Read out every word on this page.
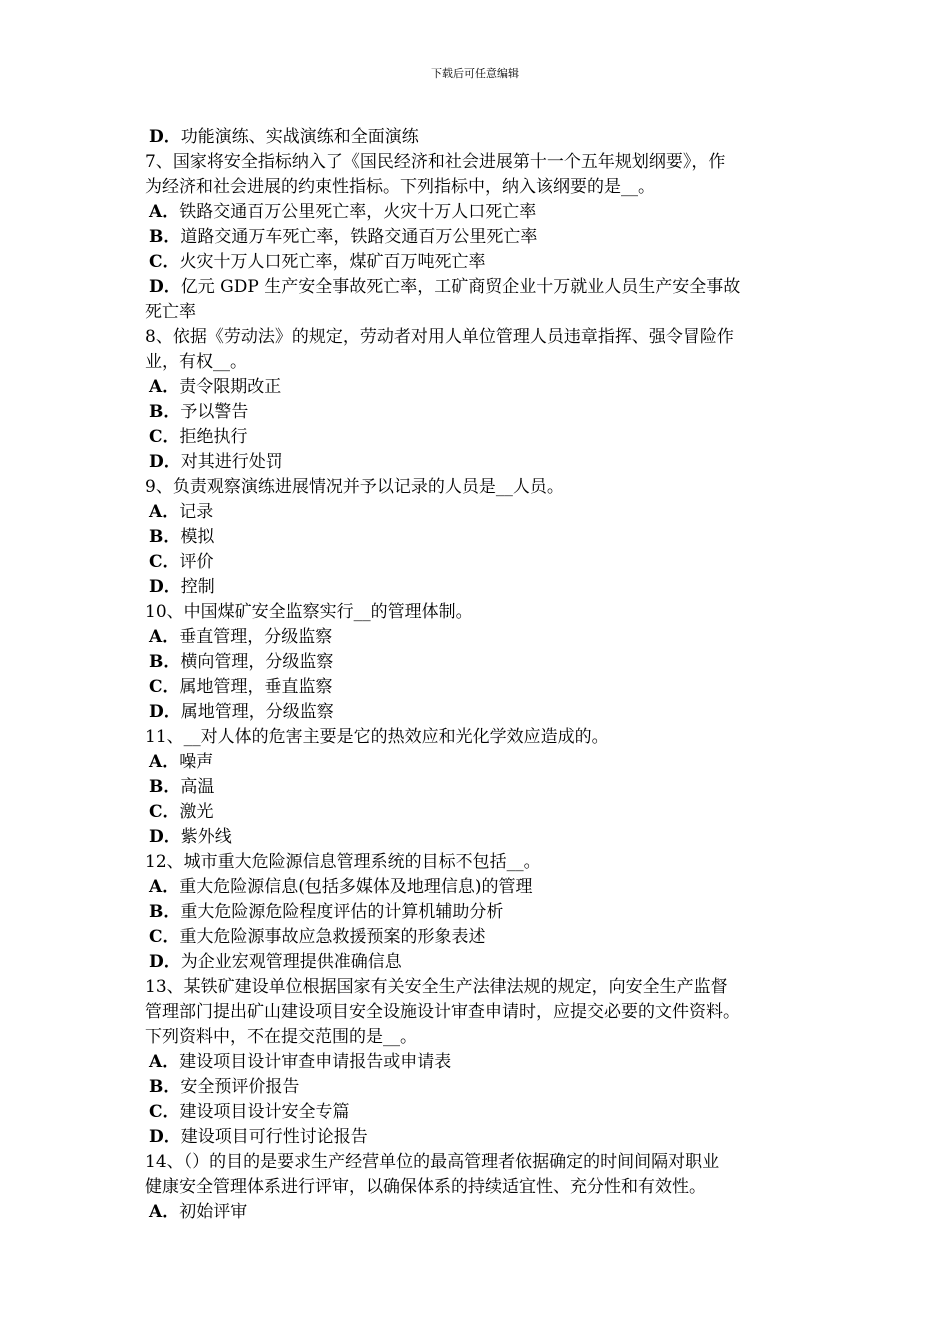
下载后可任意编辑
D．功能演练、实战演练和全面演练
7、国家将安全指标纳入了《国民经济和社会进展第十一个五年规划纲要》，作
为经济和社会进展的约束性指标。下列指标中，纳入该纲要的是__。
A．铁路交通百万公里死亡率，火灾十万人口死亡率
B．道路交通万车死亡率，铁路交通百万公里死亡率
C．火灾十万人口死亡率，煤矿百万吨死亡率
D．亿元 GDP 生产安全事故死亡率，工矿商贸企业十万就业人员生产安全事故
死亡率
8、依据《劳动法》的规定，劳动者对用人单位管理人员违章指挥、强令冒险作
业，有权__。
A．责令限期改正
B．予以警告
C．拒绝执行
D．对其进行处罚
9、负责观察演练进展情况并予以记录的人员是__人员。
A．记录
B．模拟
C．评价
D．控制
10、中国煤矿安全监察实行__的管理体制。
A．垂直管理，分级监察
B．横向管理，分级监察
C．属地管理，垂直监察
D．属地管理，分级监察
11、__对人体的危害主要是它的热效应和光化学效应造成的。
A．噪声
B．高温
C．激光
D．紫外线
12、城市重大危险源信息管理系统的目标不包括__。
A．重大危险源信息(包括多媒体及地理信息)的管理
B．重大危险源危险程度评估的计算机辅助分析
C．重大危险源事故应急救援预案的形象表述
D．为企业宏观管理提供准确信息
13、某铁矿建设单位根据国家有关安全生产法律法规的规定，向安全生产监督
管理部门提出矿山建设项目安全设施设计审查申请时，应提交必要的文件资料。
下列资料中，不在提交范围的是__。
A．建设项目设计审查申请报告或申请表
B．安全预评价报告
C．建设项目设计安全专篇
D．建设项目可行性讨论报告
14、（）的目的是要求生产经营单位的最高管理者依据确定的时间间隔对职业
健康安全管理体系进行评审，以确保体系的持续适宜性、充分性和有效性。
A．初始评审
